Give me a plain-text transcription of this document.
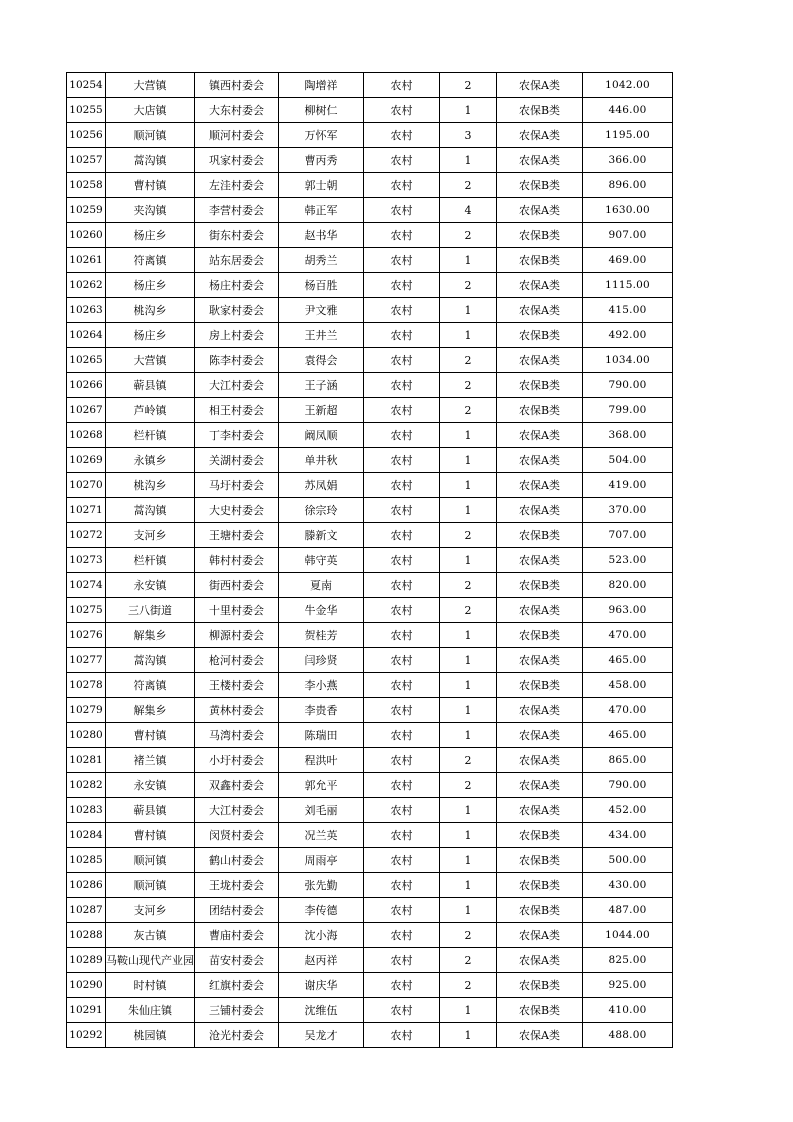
10254	大营镇	镇西村委会	陶增祥	农村	2	农保A类	1042.00
10255	大店镇	大东村委会	柳树仁	农村	1	农保B类	446.00
10256	顺河镇	顺河村委会	万怀军	农村	3	农保A类	1195.00
10257	蒿沟镇	巩家村委会	曹丙秀	农村	1	农保A类	366.00
10258	曹村镇	左洼村委会	郭士朝	农村	2	农保B类	896.00
10259	夹沟镇	李营村委会	韩正军	农村	4	农保A类	1630.00
10260	杨庄乡	街东村委会	赵书华	农村	2	农保B类	907.00
10261	符离镇	站东居委会	胡秀兰	农村	1	农保B类	469.00
10262	杨庄乡	杨庄村委会	杨百胜	农村	2	农保A类	1115.00
10263	桃沟乡	耿家村委会	尹文雅	农村	1	农保A类	415.00
10264	杨庄乡	房上村委会	王井兰	农村	1	农保B类	492.00
10265	大营镇	陈李村委会	袁得会	农村	2	农保A类	1034.00
10266	蕲县镇	大江村委会	王子涵	农村	2	农保B类	790.00
10267	芦岭镇	相王村委会	王新超	农村	2	农保B类	799.00
10268	栏杆镇	丁李村委会	阚凤顺	农村	1	农保A类	368.00
10269	永镇乡	关湖村委会	单井秋	农村	1	农保A类	504.00
10270	桃沟乡	马圩村委会	苏凤娟	农村	1	农保A类	419.00
10271	蒿沟镇	大史村委会	徐宗玲	农村	1	农保A类	370.00
10272	支河乡	王塘村委会	滕新文	农村	2	农保B类	707.00
10273	栏杆镇	韩村村委会	韩守英	农村	1	农保A类	523.00
10274	永安镇	街西村委会	夏南	农村	2	农保B类	820.00
10275	三八街道	十里村委会	牛金华	农村	2	农保A类	963.00
10276	解集乡	柳源村委会	贺桂芳	农村	1	农保B类	470.00
10277	蒿沟镇	枪河村委会	闫珍贤	农村	1	农保A类	465.00
10278	符离镇	王楼村委会	李小燕	农村	1	农保B类	458.00
10279	解集乡	黄林村委会	李贵香	农村	1	农保A类	470.00
10280	曹村镇	马湾村委会	陈瑞田	农村	1	农保A类	465.00
10281	褚兰镇	小圩村委会	程洪叶	农村	2	农保A类	865.00
10282	永安镇	双鑫村委会	郭允平	农村	2	农保A类	790.00
10283	蕲县镇	大江村委会	刘毛丽	农村	1	农保A类	452.00
10284	曹村镇	闵贤村委会	况兰英	农村	1	农保B类	434.00
10285	顺河镇	鹤山村委会	周雨亭	农村	1	农保B类	500.00
10286	顺河镇	王垅村委会	张先勤	农村	1	农保B类	430.00
10287	支河乡	团结村委会	李传德	农村	1	农保B类	487.00
10288	灰古镇	曹庙村委会	沈小海	农村	2	农保A类	1044.00
10289	马鞍山现代产业园	苗安村委会	赵丙祥	农村	2	农保A类	825.00
10290	时村镇	红旗村委会	谢庆华	农村	2	农保B类	925.00
10291	朱仙庄镇	三铺村委会	沈维伍	农村	1	农保B类	410.00
10292	桃园镇	沧光村委会	吴龙才	农村	1	农保A类	488.00
